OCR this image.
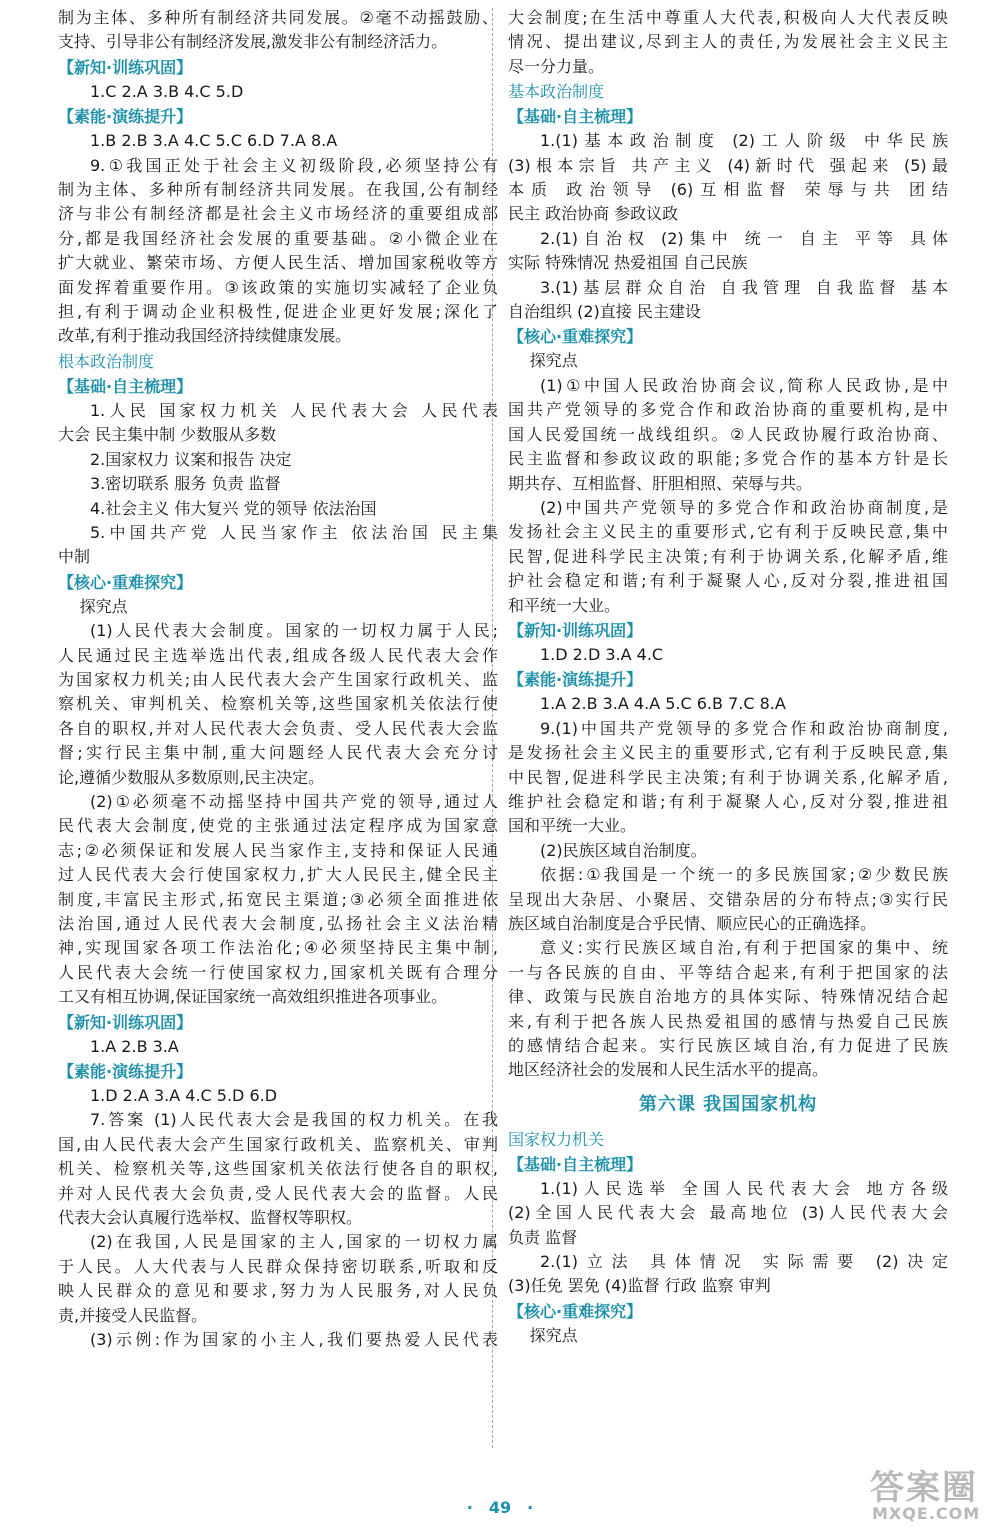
制为主体、多种所有制经济共同发展。②毫不动摇鼓励、
支持、引导非公有制经济发展,激发非公有制经济活力。
【新知·训练巩固】
1.C 2.A 3.B 4.C 5.D
【素能·演练提升】
1.B 2.B 3.A 4.C 5.C 6.D 7.A 8.A
9.①我国正处于社会主义初级阶段,必须坚持公有
制为主体、多种所有制经济共同发展。在我国,公有制经
济与非公有制经济都是社会主义市场经济的重要组成部
分,都是我国经济社会发展的重要基础。②小微企业在
扩大就业、繁荣市场、方便人民生活、增加国家税收等方
面发挥着重要作用。③该政策的实施切实减轻了企业负
担,有利于调动企业积极性,促进企业更好发展;深化了
改革,有利于推动我国经济持续健康发展。
根本政治制度
【基础·自主梳理】
1.人民 国家权力机关 人民代表大会 人民代表
大会 民主集中制 少数服从多数
2.国家权力 议案和报告 决定
3.密切联系 服务 负责 监督
4.社会主义 伟大复兴 党的领导 依法治国
5.中国共产党 人民当家作主 依法治国 民主集
中制
【核心·重难探究】
探究点
(1)人民代表大会制度。国家的一切权力属于人民;
人民通过民主选举选出代表,组成各级人民代表大会作
为国家权力机关;由人民代表大会产生国家行政机关、监
察机关、审判机关、检察机关等,这些国家机关依法行使
各自的职权,并对人民代表大会负责、受人民代表大会监
督;实行民主集中制,重大问题经人民代表大会充分讨
论,遵循少数服从多数原则,民主决定。
(2)①必须毫不动摇坚持中国共产党的领导,通过人
民代表大会制度,使党的主张通过法定程序成为国家意
志;②必须保证和发展人民当家作主,支持和保证人民通
过人民代表大会行使国家权力,扩大人民民主,健全民主
制度,丰富民主形式,拓宽民主渠道;③必须全面推进依
法治国,通过人民代表大会制度,弘扬社会主义法治精
神,实现国家各项工作法治化;④必须坚持民主集中制,
人民代表大会统一行使国家权力,国家机关既有合理分
工又有相互协调,保证国家统一高效组织推进各项事业。
【新知·训练巩固】
1.A 2.B 3.A
【素能·演练提升】
1.D 2.A 3.A 4.C 5.D 6.D
7.答案 (1)人民代表大会是我国的权力机关。在我
国,由人民代表大会产生国家行政机关、监察机关、审判
机关、检察机关等,这些国家机关依法行使各自的职权,
并对人民代表大会负责,受人民代表大会的监督。人民
代表大会认真履行选举权、监督权等职权。
(2)在我国,人民是国家的主人,国家的一切权力属
于人民。人大代表与人民群众保持密切联系,听取和反
映人民群众的意见和要求,努力为人民服务,对人民负
责,并接受人民监督。
(3)示例:作为国家的小主人,我们要热爱人民代表
大会制度;在生活中尊重人大代表,积极向人大代表反映
情况、提出建议,尽到主人的责任,为发展社会主义民主
尽一分力量。
基本政治制度
【基础·自主梳理】
1.(1)基本政治制度 (2)工人阶级 中华民族
(3)根本宗旨 共产主义 (4)新时代 强起来 (5)最
本质 政治领导 (6)互相监督 荣辱与共 团结
民主 政治协商 参政议政
2.(1)自治权 (2)集中 统一 自主 平等 具体
实际 特殊情况 热爱祖国 自己民族
3.(1)基层群众自治 自我管理 自我监督 基本
自治组织 (2)直接 民主建设
【核心·重难探究】
探究点
(1)①中国人民政治协商会议,简称人民政协,是中
国共产党领导的多党合作和政治协商的重要机构,是中
国人民爱国统一战线组织。②人民政协履行政治协商、
民主监督和参政议政的职能;多党合作的基本方针是长
期共存、互相监督、肝胆相照、荣辱与共。
(2)中国共产党领导的多党合作和政治协商制度,是
发扬社会主义民主的重要形式,它有利于反映民意,集中
民智,促进科学民主决策;有利于协调关系,化解矛盾,维
护社会稳定和谐;有利于凝聚人心,反对分裂,推进祖国
和平统一大业。
【新知·训练巩固】
1.D 2.D 3.A 4.C
【素能·演练提升】
1.A 2.B 3.A 4.A 5.C 6.B 7.C 8.A
9.(1)中国共产党领导的多党合作和政治协商制度,
是发扬社会主义民主的重要形式,它有利于反映民意,集
中民智,促进科学民主决策;有利于协调关系,化解矛盾,
维护社会稳定和谐;有利于凝聚人心,反对分裂,推进祖
国和平统一大业。
(2)民族区域自治制度。
依据:①我国是一个统一的多民族国家;②少数民族
呈现出大杂居、小聚居、交错杂居的分布特点;③实行民
族区域自治制度是合乎民情、顺应民心的正确选择。
意义:实行民族区域自治,有利于把国家的集中、统
一与各民族的自由、平等结合起来,有利于把国家的法
律、政策与民族自治地方的具体实际、特殊情况结合起
来,有利于把各族人民热爱祖国的感情与热爱自己民族
的感情结合起来。实行民族区域自治,有力促进了民族
地区经济社会的发展和人民生活水平的提高。
第六课 我国国家机构
国家权力机关
【基础·自主梳理】
1.(1)人民选举 全国人民代表大会 地方各级
(2)全国人民代表大会 最高地位 (3)人民代表大会
负责 监督
2.(1)立法 具体情况 实际需要 (2)决定
(3)任免 罢免 (4)监督 行政 监察 审判
【核心·重难探究】
探究点
· 49 ·	答案圈
MXQE.COM
